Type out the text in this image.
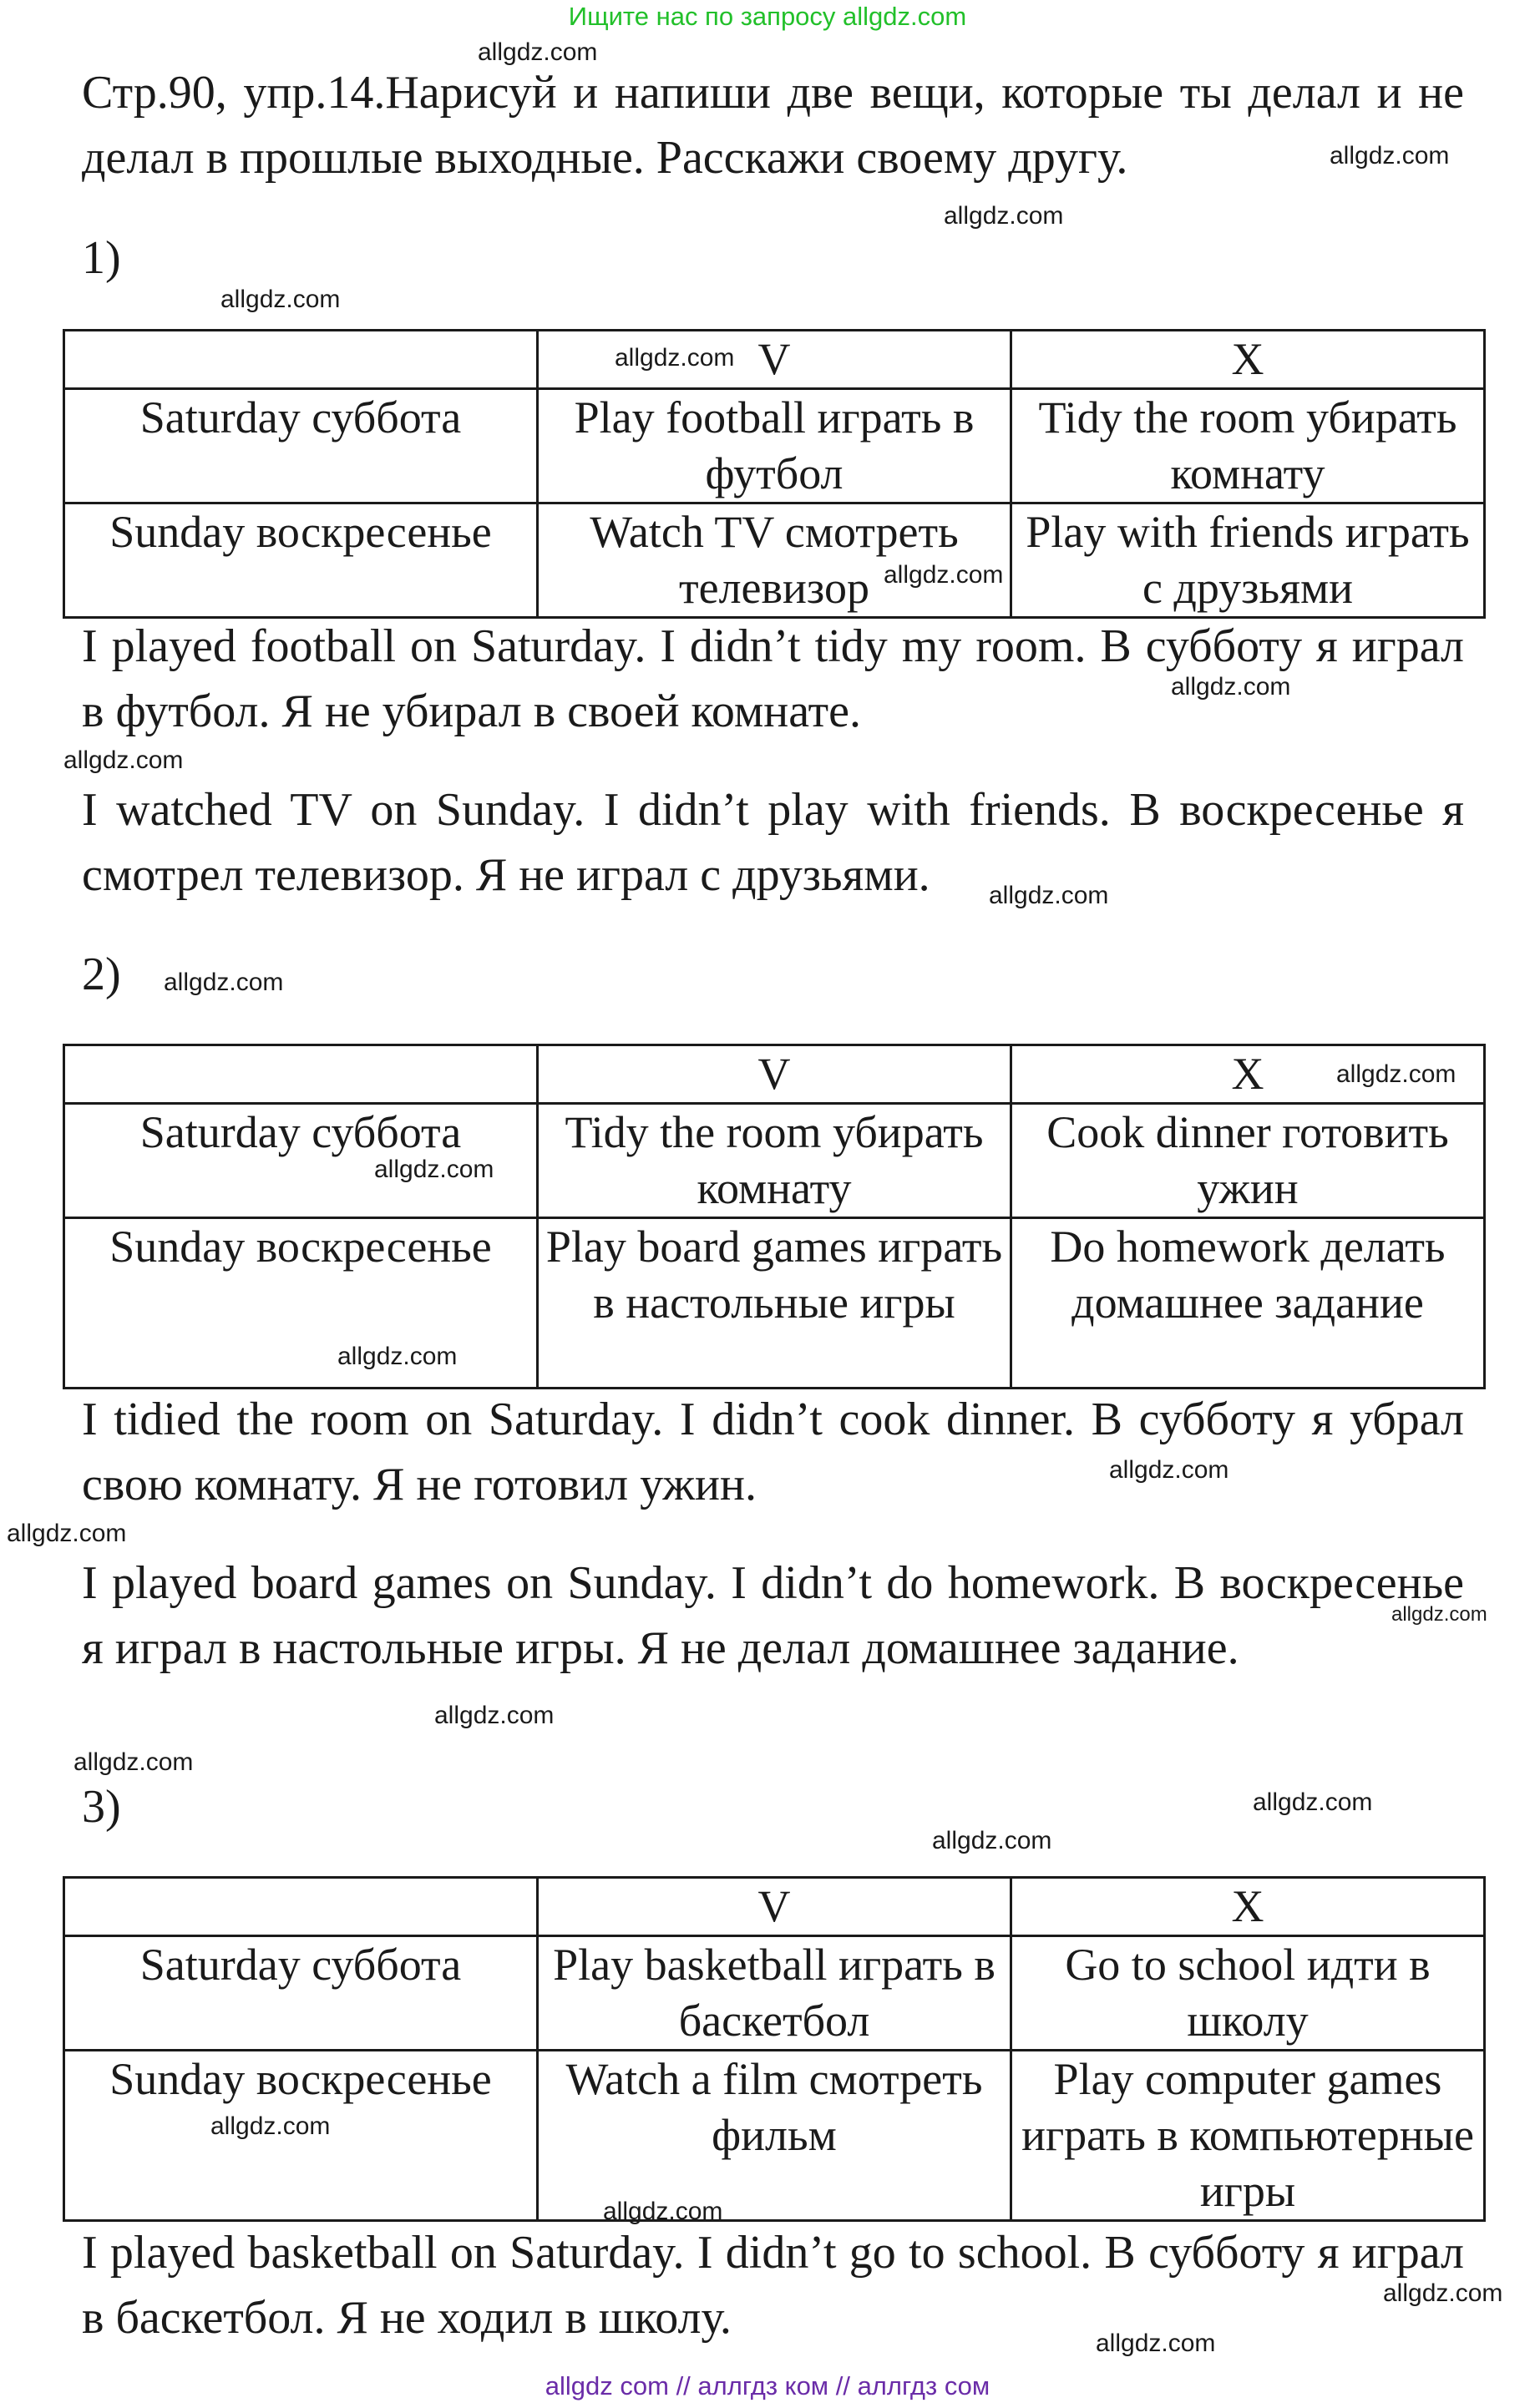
Ищите нас по запросу allgdz.com
Стр.90, упр.14.Нарисуй и напиши две вещи, которые ты делал и не делал в прошлые выходные. Расскажи своему другу.
1)
	V	X
Saturday суббота	Play football играть в футбол	Tidy the room убирать комнату
Sunday воскресенье	Watch TV смотреть телевизор	Play with friends играть с друзьями
I played football on Saturday. I didn’t tidy my room. В субботу я играл в футбол. Я не убирал в своей комнате.
I watched TV on Sunday. I didn’t play with friends. В воскресенье я смотрел телевизор. Я не играл с друзьями.
2)
	V	X
Saturday суббота	Tidy the room убирать комнату	Cook dinner готовить ужин
Sunday воскресенье	Play board games играть в настольные игры	Do homework делать домашнее задание
I tidied the room on Saturday. I didn’t cook dinner. В субботу я убрал свою комнату. Я не готовил ужин.
I played board games on Sunday. I didn’t do homework. В воскресенье я играл в настольные игры. Я не делал домашнее задание.
3)
	V	X
Saturday суббота	Play basketball играть в баскетбол	Go to school идти в школу
Sunday воскресенье	Watch a film смотреть фильм	Play computer games играть в компьютерные игры
I played basketball on Saturday. I didn’t go to school. В субботу я играл в баскетбол. Я не ходил в школу.
allgdz.com
allgdz.com
allgdz.com
allgdz.com
allgdz.com
allgdz.com
allgdz.com
allgdz.com
allgdz.com
allgdz.com
allgdz.com
allgdz.com
allgdz.com
allgdz.com
allgdz.com
allgdz.com
allgdz.com
allgdz.com
allgdz.com
allgdz.com
allgdz.com
allgdz.com
allgdz.com
allgdz.com
allgdz com // аллгдз ком // аллгдз сом
